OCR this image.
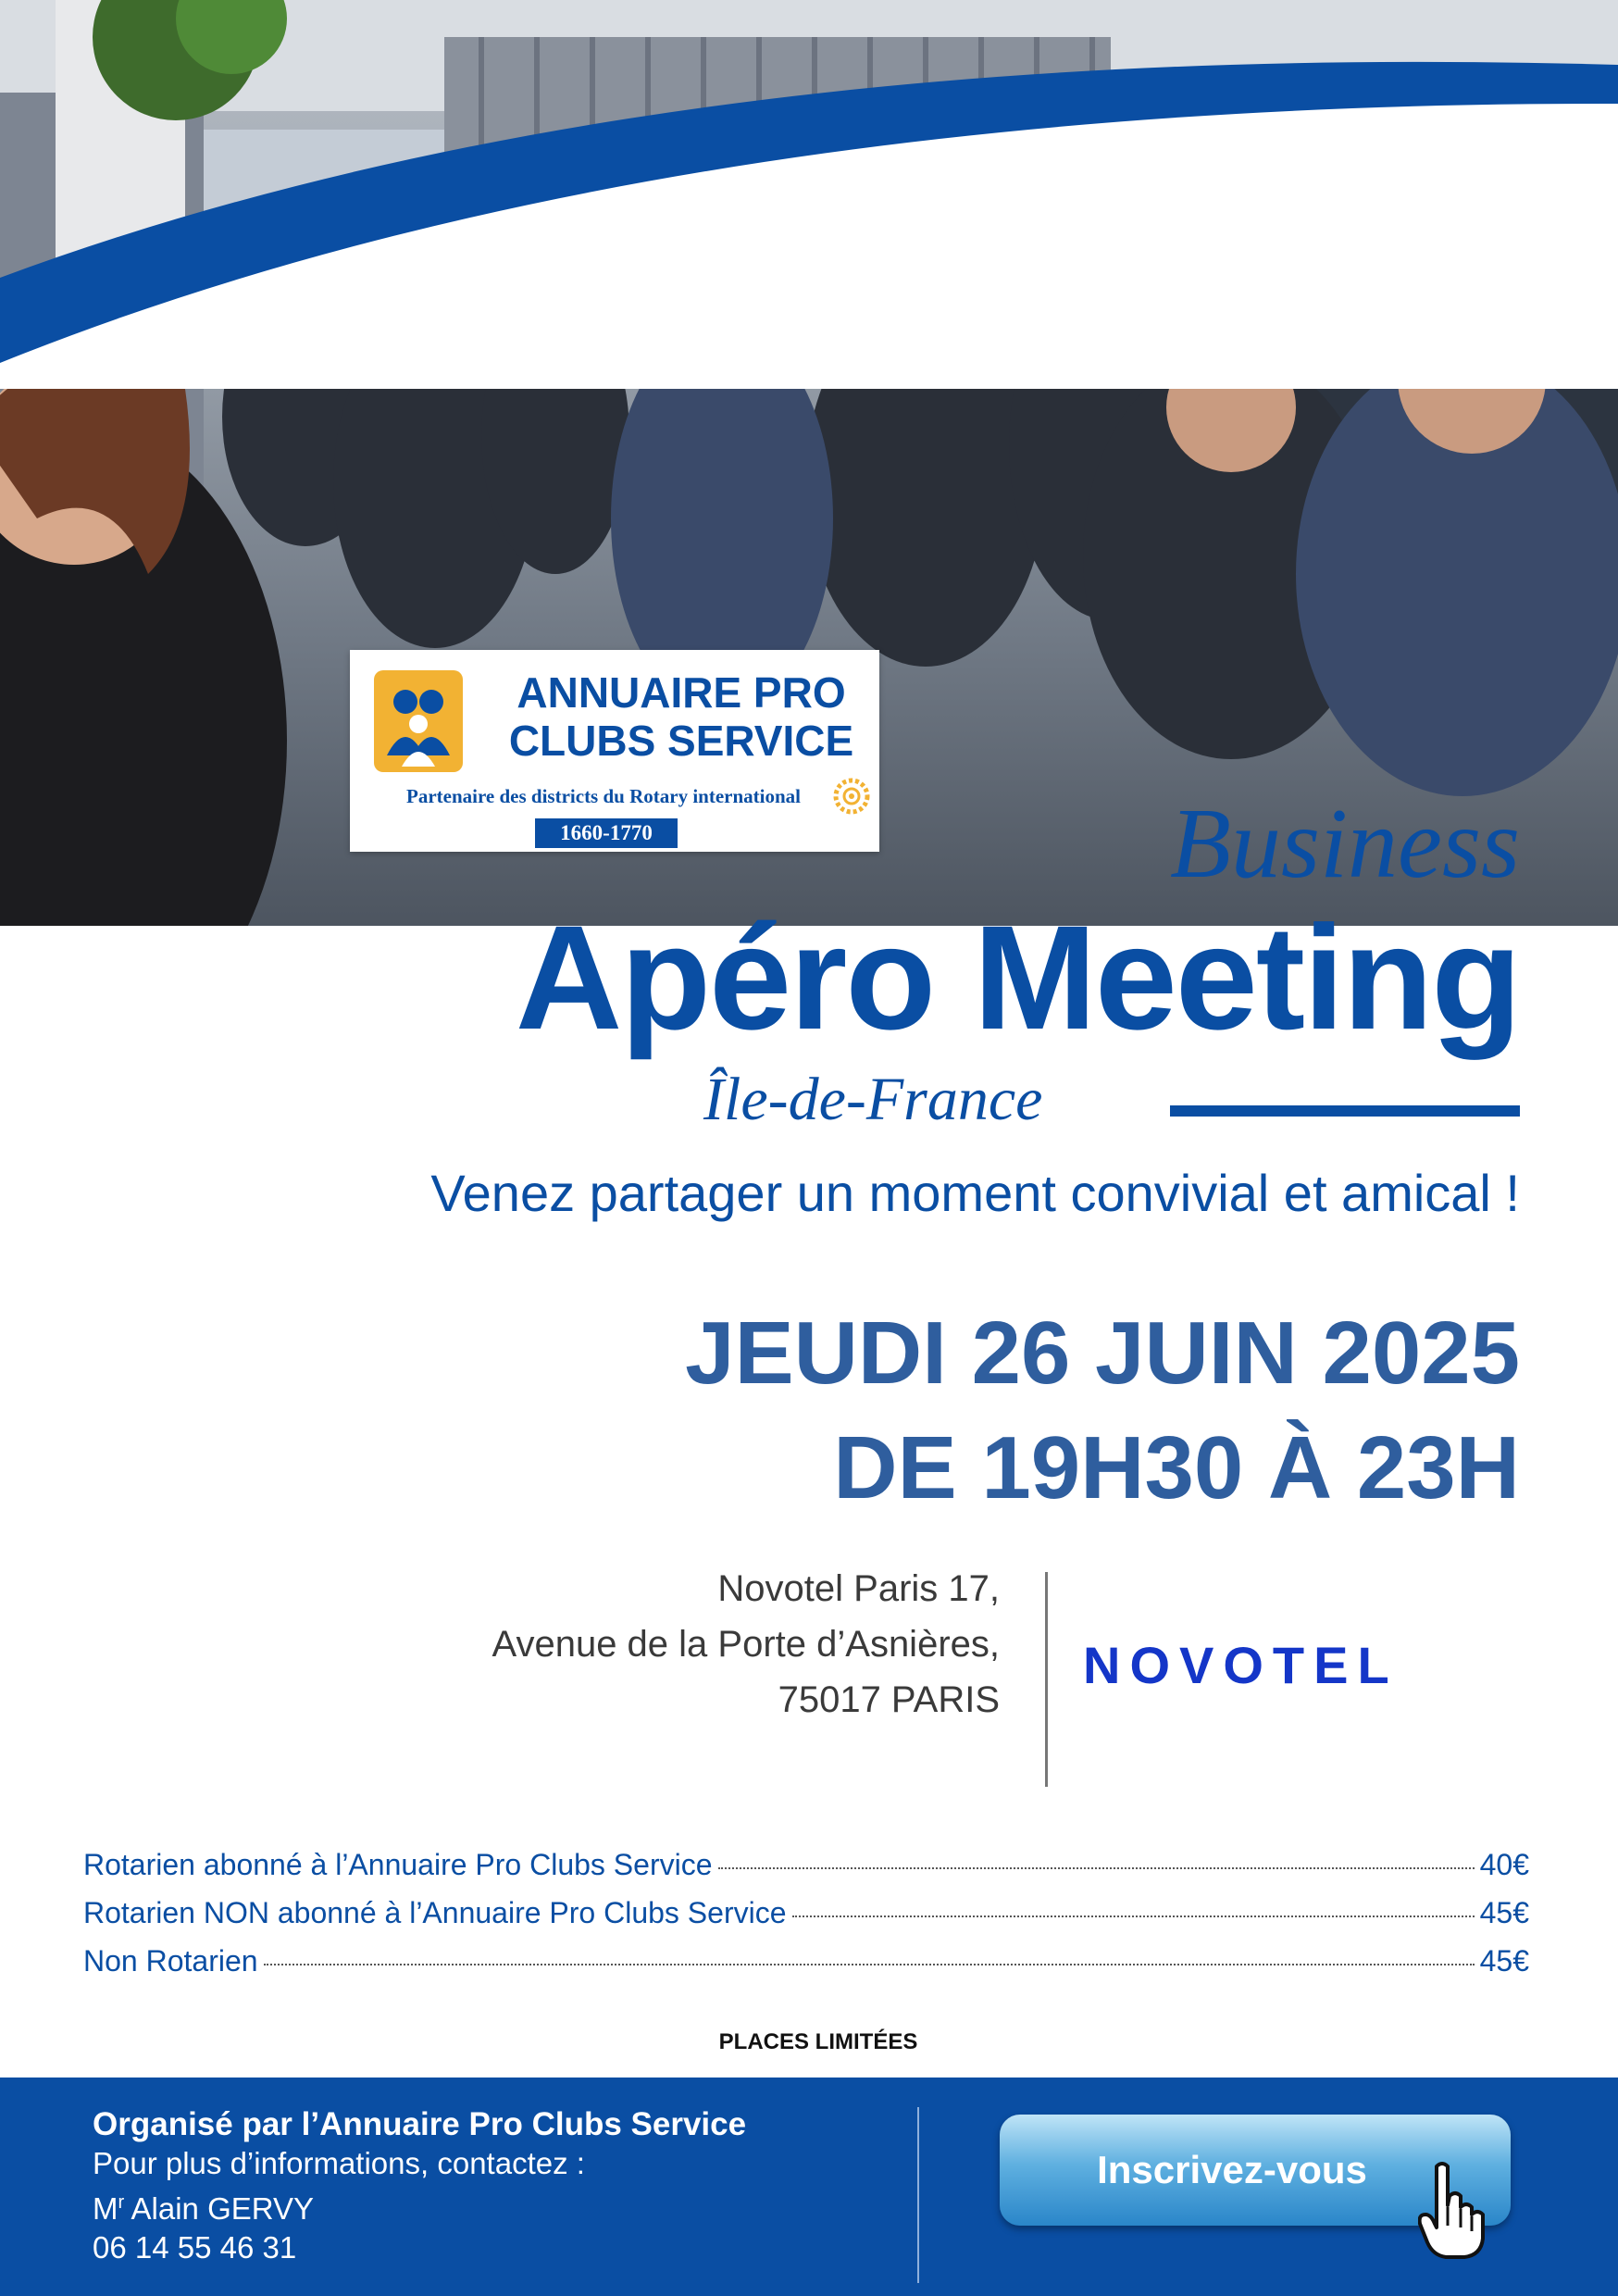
ANNUAIRE PRO
CLUBS SERVICE
Partenaire des districts du Rotary international
1660-1770	Business
Apéro Meeting
Île-de-France
Venez partager un moment convivial et amical !
JEUDI 26 JUIN 2025
DE 19H30 À 23H
Novotel Paris 17,
Avenue de la Porte d’Asnières,
75017 PARIS
NOVOTEL
Rotarien abonné à l’Annuaire Pro Clubs Service	40€
Rotarien NON abonné à l’Annuaire Pro Clubs Service	45€
Non Rotarien	45€
PLACES LIMITÉES
Organisé par l’Annuaire Pro Clubs Service
Pour plus d’informations, contactez :
$M^r$ Alain GERVY
06 14 55 46 31
Inscrivez-vous
